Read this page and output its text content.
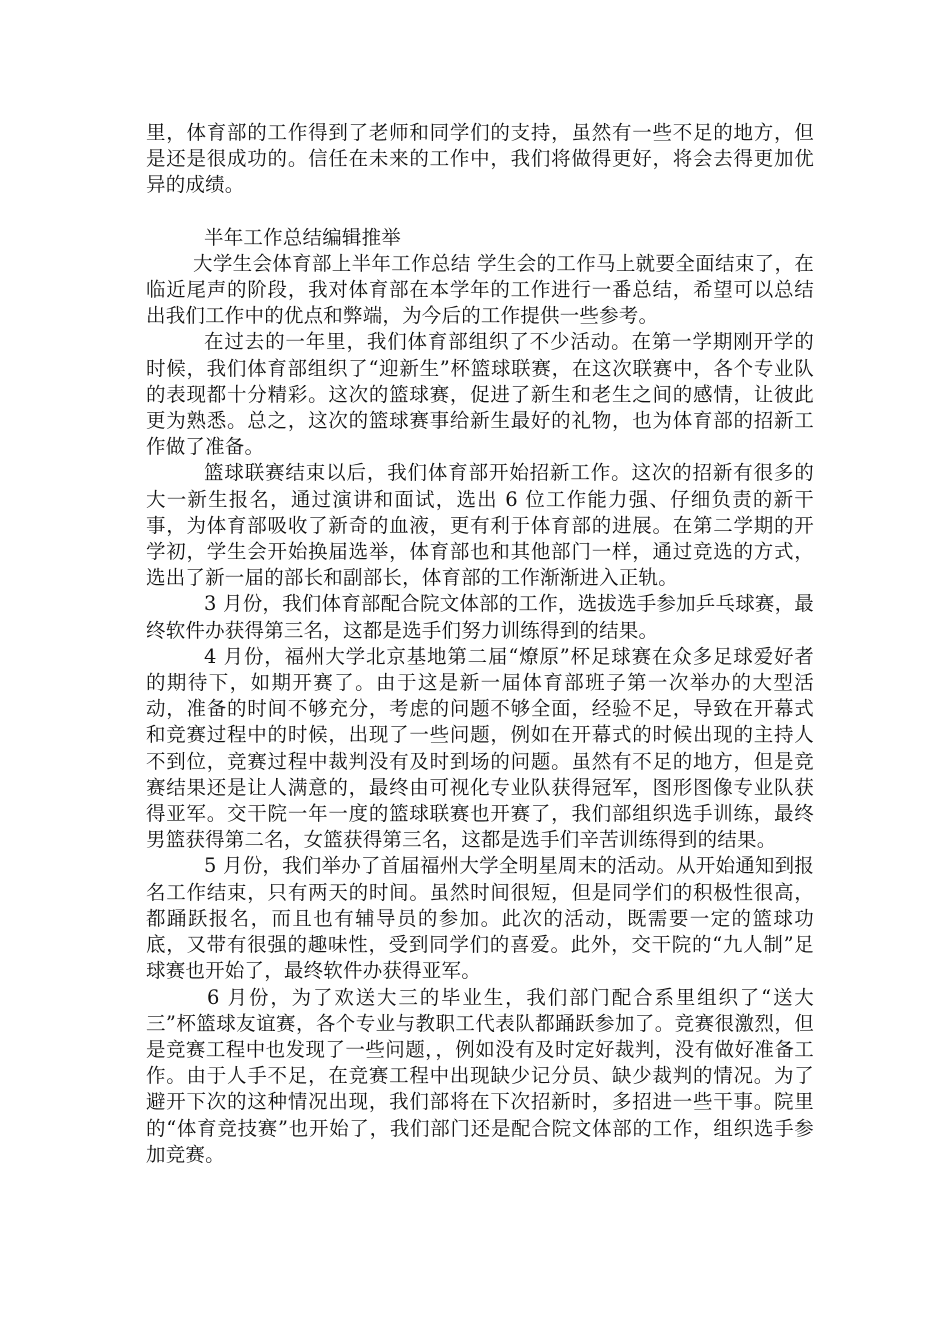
里，体育部的工作得到了老师和同学们的支持，虽然有一些不足的地方，但是还是很成功的。信任在未来的工作中，我们将做得更好，将会去得更加优异的成绩。

半年工作总结编辑推举

大学生会体育部上半年工作总结 学生会的工作马上就要全面结束了，在临近尾声的阶段，我对体育部在本学年的工作进行一番总结，希望可以总结出我们工作中的优点和弊端，为今后的工作提供一些参考。

在过去的一年里，我们体育部组织了不少活动。在第一学期刚开学的时候，我们体育部组织了“迎新生”杯篮球联赛，在这次联赛中，各个专业队的表现都十分精彩。这次的篮球赛，促进了新生和老生之间的感情，让彼此更为熟悉。总之，这次的篮球赛事给新生最好的礼物，也为体育部的招新工作做了准备。

篮球联赛结束以后，我们体育部开始招新工作。这次的招新有很多的大一新生报名，通过演讲和面试，选出 6 位工作能力强、仔细负责的新干事，为体育部吸收了新奇的血液，更有利于体育部的进展。在第二学期的开学初，学生会开始换届选举，体育部也和其他部门一样，通过竞选的方式，选出了新一届的部长和副部长，体育部的工作渐渐进入正轨。

3 月份，我们体育部配合院文体部的工作，选拔选手参加乒乓球赛，最终软件办获得第三名，这都是选手们努力训练得到的结果。

4 月份，福州大学北京基地第二届“燎原”杯足球赛在众多足球爱好者的期待下，如期开赛了。由于这是新一届体育部班子第一次举办的大型活动，准备的时间不够充分，考虑的问题不够全面，经验不足，导致在开幕式和竞赛过程中的时候，出现了一些问题，例如在开幕式的时候出现的主持人不到位，竞赛过程中裁判没有及时到场的问题。虽然有不足的地方，但是竞赛结果还是让人满意的，最终由可视化专业队获得冠军，图形图像专业队获得亚军。交干院一年一度的篮球联赛也开赛了，我们部组织选手训练，最终男篮获得第二名，女篮获得第三名，这都是选手们辛苦训练得到的结果。

5 月份，我们举办了首届福州大学全明星周末的活动。从开始通知到报名工作结束，只有两天的时间。虽然时间很短，但是同学们的积极性很高，都踊跃报名，而且也有辅导员的参加。此次的活动，既需要一定的篮球功底，又带有很强的趣味性，受到同学们的喜爱。此外，交干院的“九人制”足球赛也开始了，最终软件办获得亚军。

6 月份，为了欢送大三的毕业生，我们部门配合系里组织了“送大三”杯篮球友谊赛，各个专业与教职工代表队都踊跃参加了。竞赛很激烈，但是竞赛工程中也发现了一些问题，，例如没有及时定好裁判，没有做好准备工作。由于人手不足，在竞赛工程中出现缺少记分员、缺少裁判的情况。为了避开下次的这种情况出现，我们部将在下次招新时，多招进一些干事。院里的“体育竞技赛”也开始了，我们部门还是配合院文体部的工作，组织选手参加竞赛。
